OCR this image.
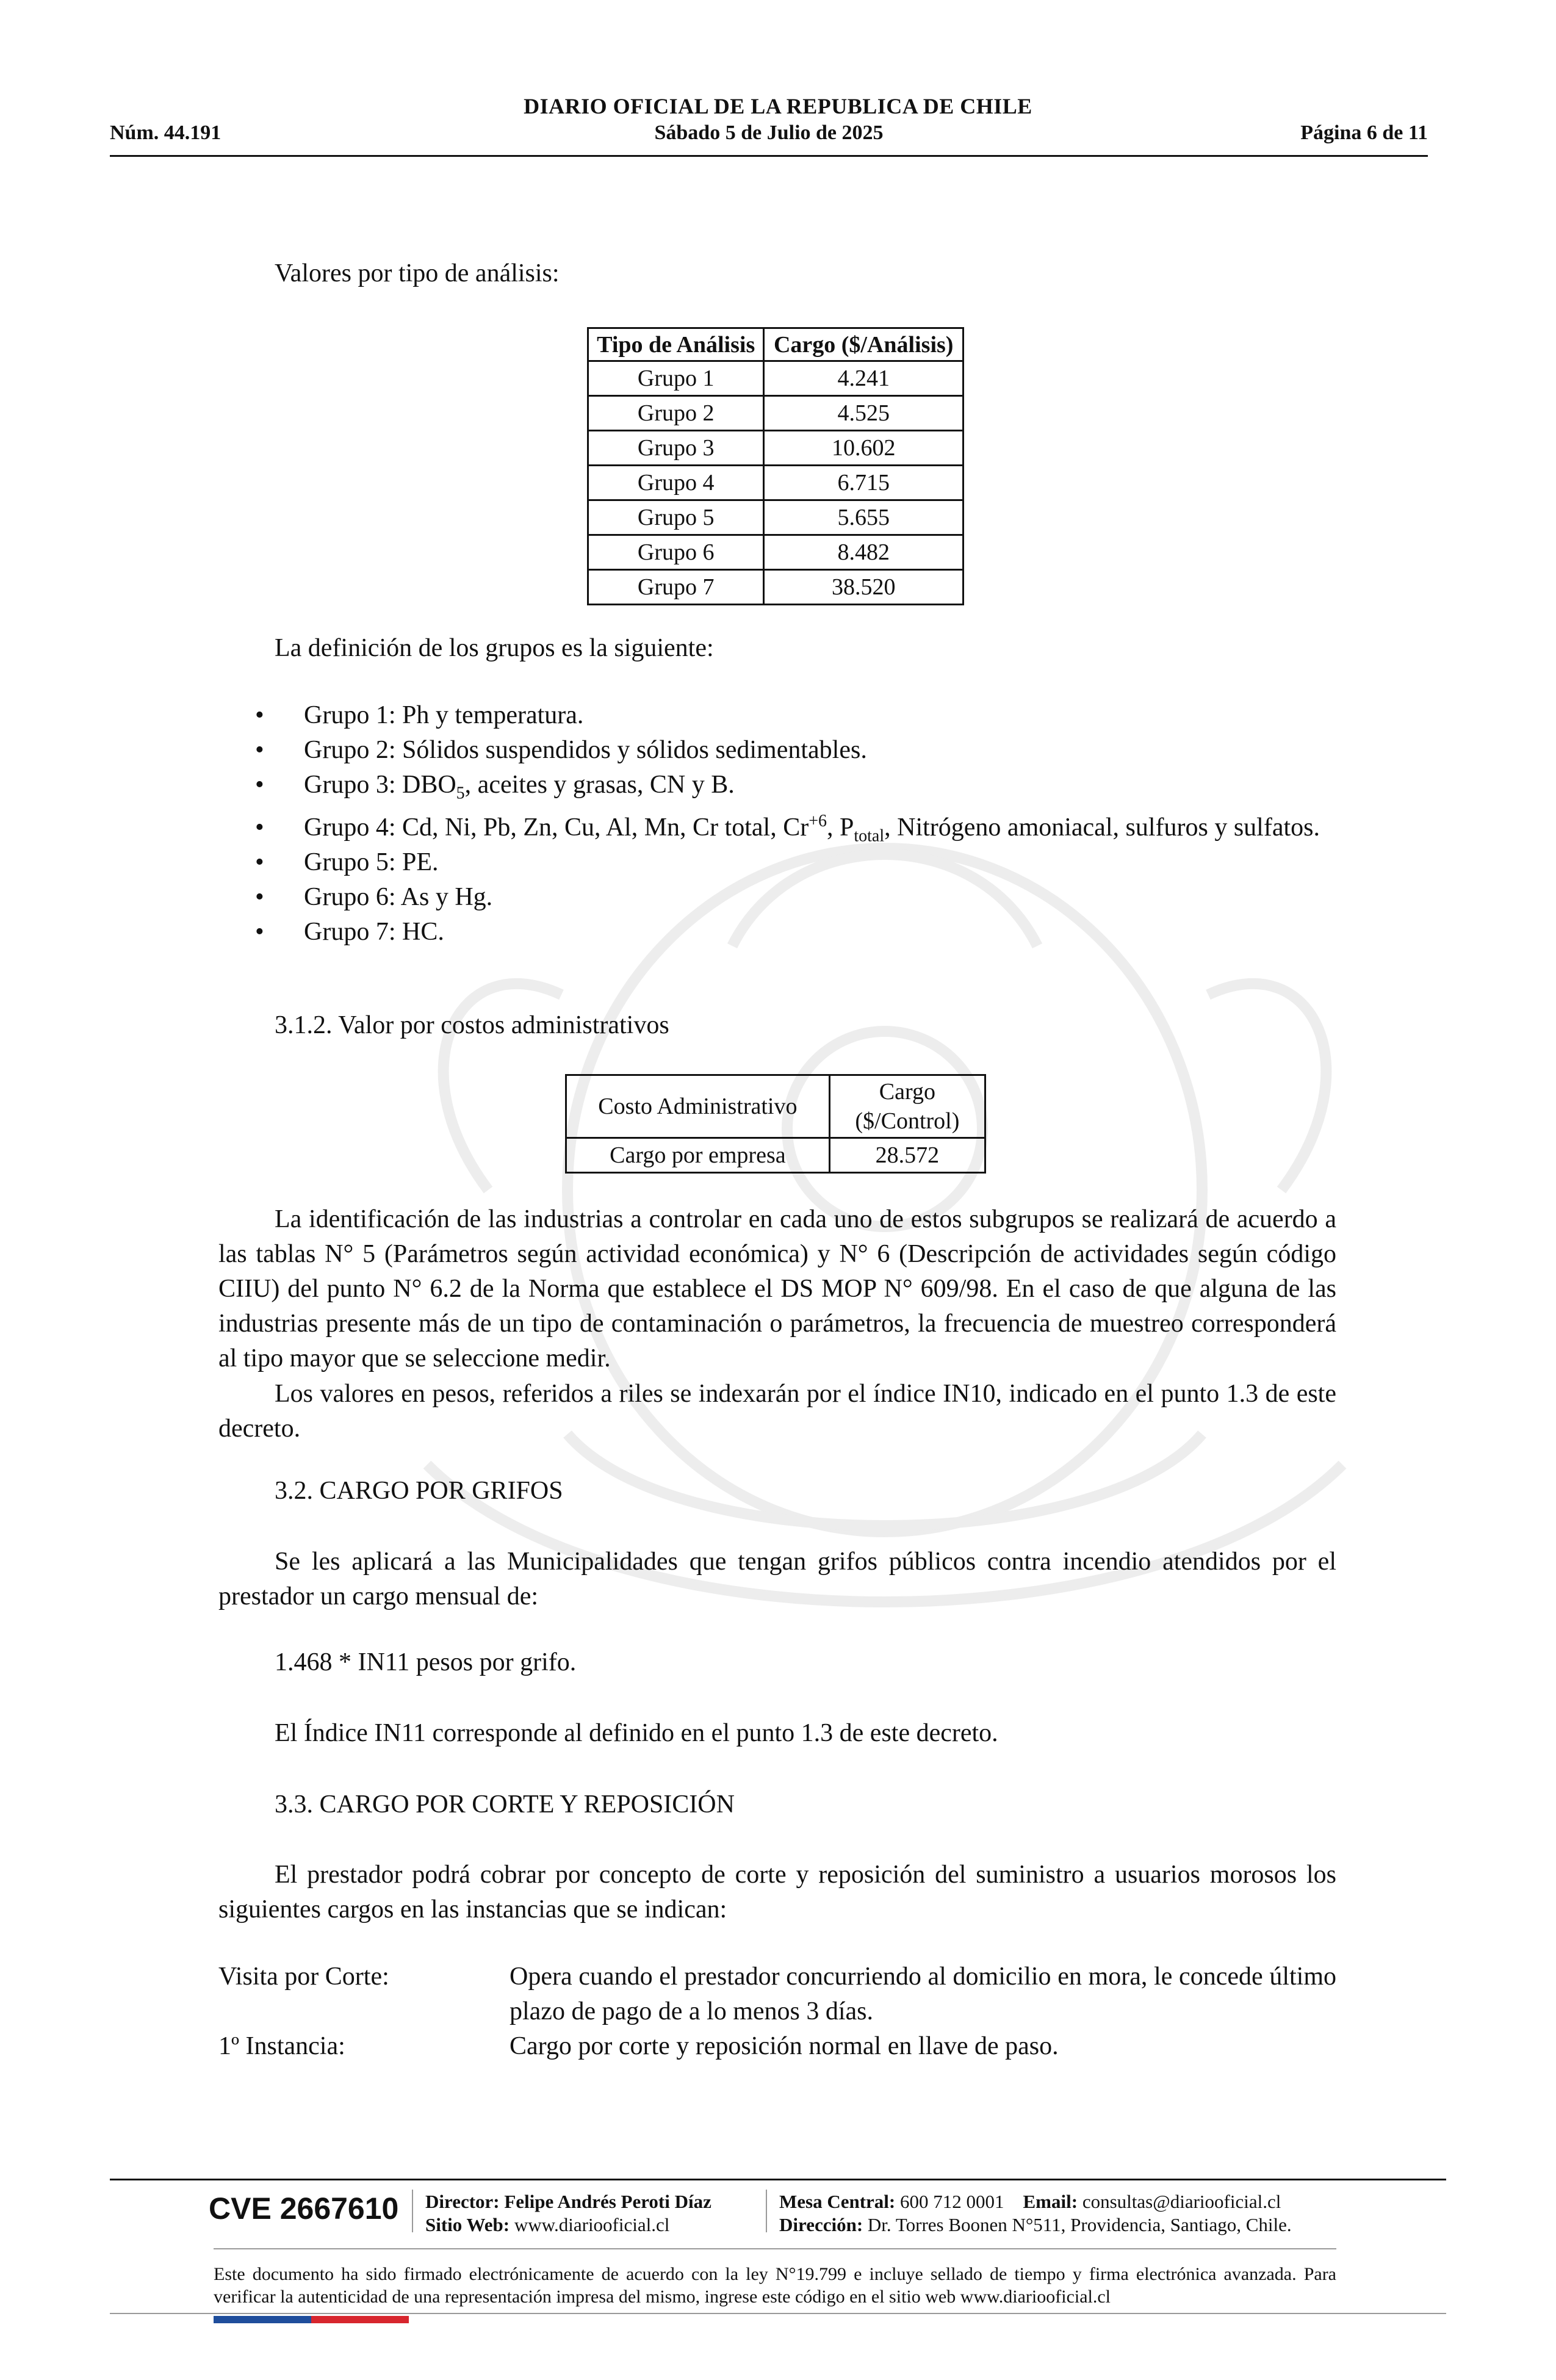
DIARIO OFICIAL DE LA REPUBLICA DE CHILE
Núm. 44.191	Sábado 5 de Julio de 2025	Página 6 de 11
Valores por tipo de análisis:
Tipo de Análisis	Cargo ($/Análisis)
Grupo 1	4.241
Grupo 2	4.525
Grupo 3	10.602
Grupo 4	6.715
Grupo 5	5.655
Grupo 6	8.482
Grupo 7	38.520
La definición de los grupos es la siguiente:
• Grupo 1: Ph y temperatura.
• Grupo 2: Sólidos suspendidos y sólidos sedimentables.
• Grupo 3: $DBO_5$, aceites y grasas, CN y B.
• Grupo 4: Cd, Ni, Pb, Zn, Cu, Al, Mn, Cr total, $Cr^{+6}$, $P_{total}$, Nitrógeno amoniacal, sulfuros y sulfatos.
• Grupo 5: PE.
• Grupo 6: As y Hg.
• Grupo 7: HC.
3.1.2. Valor por costos administrativos
Costo Administrativo	Cargo
($/Control)
Cargo por empresa	28.572
La identificación de las industrias a controlar en cada uno de estos subgrupos se realizará de acuerdo a las tablas N° 5 (Parámetros según actividad económica) y N° 6 (Descripción de actividades según código CIIU) del punto N° 6.2 de la Norma que establece el DS MOP N° 609/98. En el caso de que alguna de las industrias presente más de un tipo de contaminación o parámetros, la frecuencia de muestreo corresponderá al tipo mayor que se seleccione medir.
Los valores en pesos, referidos a riles se indexarán por el índice IN10, indicado en el punto 1.3 de este decreto.
3.2. CARGO POR GRIFOS
Se les aplicará a las Municipalidades que tengan grifos públicos contra incendio atendidos por el prestador un cargo mensual de:
1.468 * IN11 pesos por grifo.
El Índice IN11 corresponde al definido en el punto 1.3 de este decreto.
3.3. CARGO POR CORTE Y REPOSICIÓN
El prestador podrá cobrar por concepto de corte y reposición del suministro a usuarios morosos los siguientes cargos en las instancias que se indican:
Visita por Corte:	Opera cuando el prestador concurriendo al domicilio en mora, le concede último plazo de pago de a lo menos 3 días.
1º Instancia:	Cargo por corte y reposición normal en llave de paso.
CVE 2667610 Director: Felipe Andrés Peroti Díaz
Sitio Web: www.diariooficial.cl
Mesa Central: 600 712 0001 Email: consultas@diariooficial.cl
Dirección: Dr. Torres Boonen N°511, Providencia, Santiago, Chile.
Este documento ha sido firmado electrónicamente de acuerdo con la ley N°19.799 e incluye sellado de tiempo y firma electrónica avanzada. Para verificar la autenticidad de una representación impresa del mismo, ingrese este código en el sitio web www.diariooficial.cl
